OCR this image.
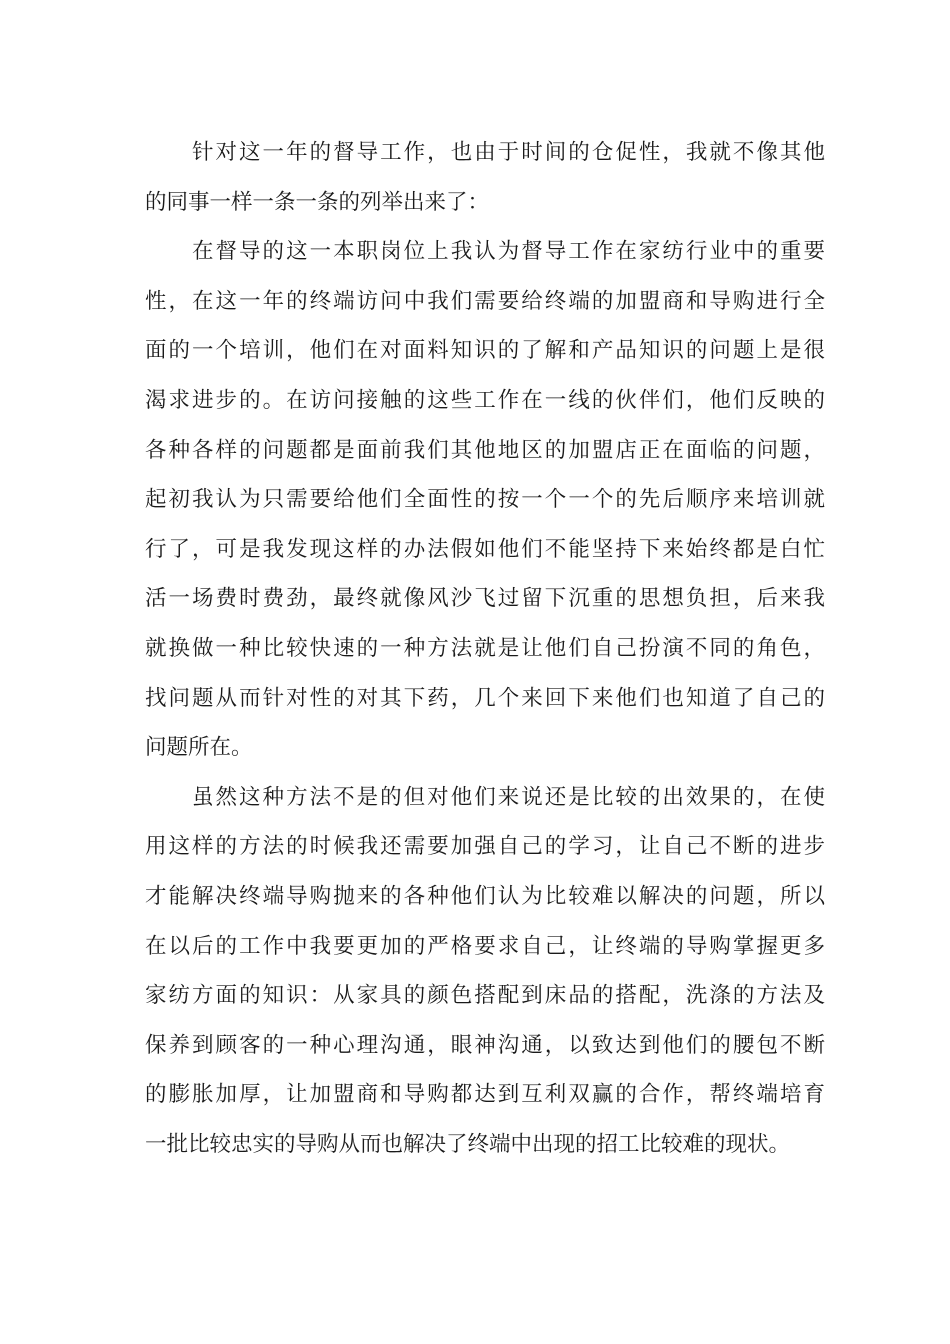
针对这一年的督导工作，也由于时间的仓促性，我就不像其他
的同事一样一条一条的列举出来了：
在督导的这一本职岗位上我认为督导工作在家纺行业中的重要
性，在这一年的终端访问中我们需要给终端的加盟商和导购进行全
面的一个培训，他们在对面料知识的了解和产品知识的问题上是很
渴求进步的。在访问接触的这些工作在一线的伙伴们，他们反映的
各种各样的问题都是面前我们其他地区的加盟店正在面临的问题，
起初我认为只需要给他们全面性的按一个一个的先后顺序来培训就
行了，可是我发现这样的办法假如他们不能坚持下来始终都是白忙
活一场费时费劲，最终就像风沙飞过留下沉重的思想负担，后来我
就换做一种比较快速的一种方法就是让他们自己扮演不同的角色，
找问题从而针对性的对其下药，几个来回下来他们也知道了自己的
问题所在。
虽然这种方法不是的但对他们来说还是比较的出效果的，在使
用这样的方法的时候我还需要加强自己的学习，让自己不断的进步
才能解决终端导购抛来的各种他们认为比较难以解决的问题，所以
在以后的工作中我要更加的严格要求自己，让终端的导购掌握更多
家纺方面的知识：从家具的颜色搭配到床品的搭配，洗涤的方法及
保养到顾客的一种心理沟通，眼神沟通，以致达到他们的腰包不断
的膨胀加厚，让加盟商和导购都达到互利双赢的合作，帮终端培育
一批比较忠实的导购从而也解决了终端中出现的招工比较难的现状。
